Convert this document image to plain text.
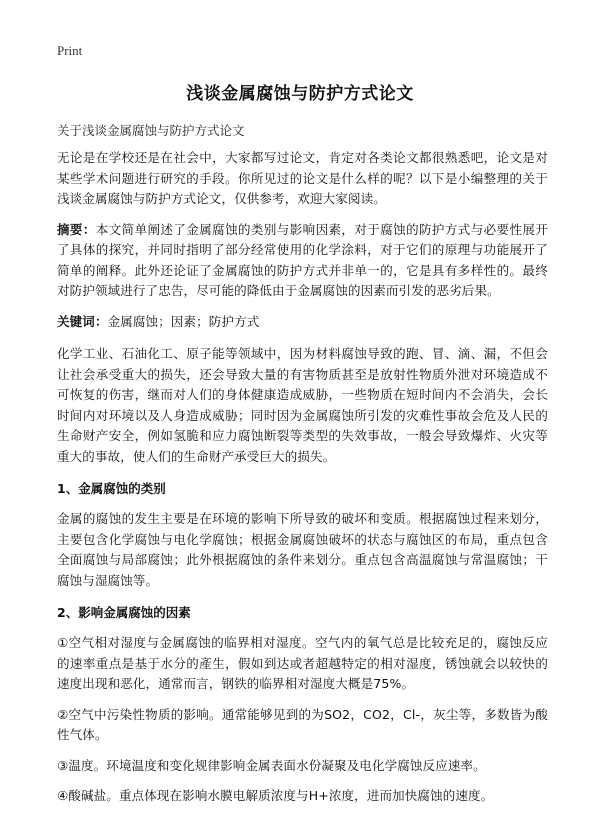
Print
浅谈金属腐蚀与防护方式论文

关于浅谈金属腐蚀与防护方式论文

无论是在学校还是在社会中，大家都写过论文，肯定对各类论文都很熟悉吧，论文是对某些学术问题进行研究的手段。你所见过的论文是什么样的呢？以下是小编整理的关于浅谈金属腐蚀与防护方式论文，仅供参考，欢迎大家阅读。

摘要：本文简单阐述了金属腐蚀的类别与影响因素，对于腐蚀的防护方式与必要性展开了具体的探究，并同时指明了部分经常使用的化学涂料，对于它们的原理与功能展开了简单的阐释。此外还论证了金属腐蚀的防护方式并非单一的，它是具有多样性的。最终对防护领域进行了忠告，尽可能的降低由于金属腐蚀的因素而引发的恶劣后果。

关键词：金属腐蚀；因素；防护方式

化学工业、石油化工、原子能等领域中，因为材料腐蚀导致的跑、冒、滴、漏，不但会让社会承受重大的损失，还会导致大量的有害物质甚至是放射性物质外泄对环境造成不可恢复的伤害，继而对人们的身体健康造成威胁，一些物质在短时间内不会消失，会长时间内对环境以及人身造成威胁；同时因为金属腐蚀所引发的灾难性事故会危及人民的生命财产安全，例如氢脆和应力腐蚀断裂等类型的失效事故，一般会导致爆炸、火灾等重大的事故，使人们的生命财产承受巨大的损失。

1、金属腐蚀的类别

金属的腐蚀的发生主要是在环境的影响下所导致的破坏和变质。根据腐蚀过程来划分，主要包含化学腐蚀与电化学腐蚀；根据金属腐蚀破坏的状态与腐蚀区的布局，重点包含全面腐蚀与局部腐蚀；此外根据腐蚀的条件来划分。重点包含高温腐蚀与常温腐蚀；干腐蚀与湿腐蚀等。

2、影响金属腐蚀的因素

①空气相对湿度与金属腐蚀的临界相对湿度。空气内的氧气总是比较充足的，腐蚀反应的速率重点是基于水分的產生，假如到达或者超越特定的相对湿度，锈蚀就会以较快的速度出现和恶化，通常而言，钢铁的临界相对湿度大概是75%。

②空气中污染性物质的影响。通常能够见到的为SO2，CO2，Cl-，灰尘等，多数皆为酸性气体。

③温度。环境温度和变化规律影响金属表面水份凝聚及电化学腐蚀反应速率。

④酸碱盐。重点体现在影响水膜电解质浓度与H+浓度，进而加快腐蚀的速度。
